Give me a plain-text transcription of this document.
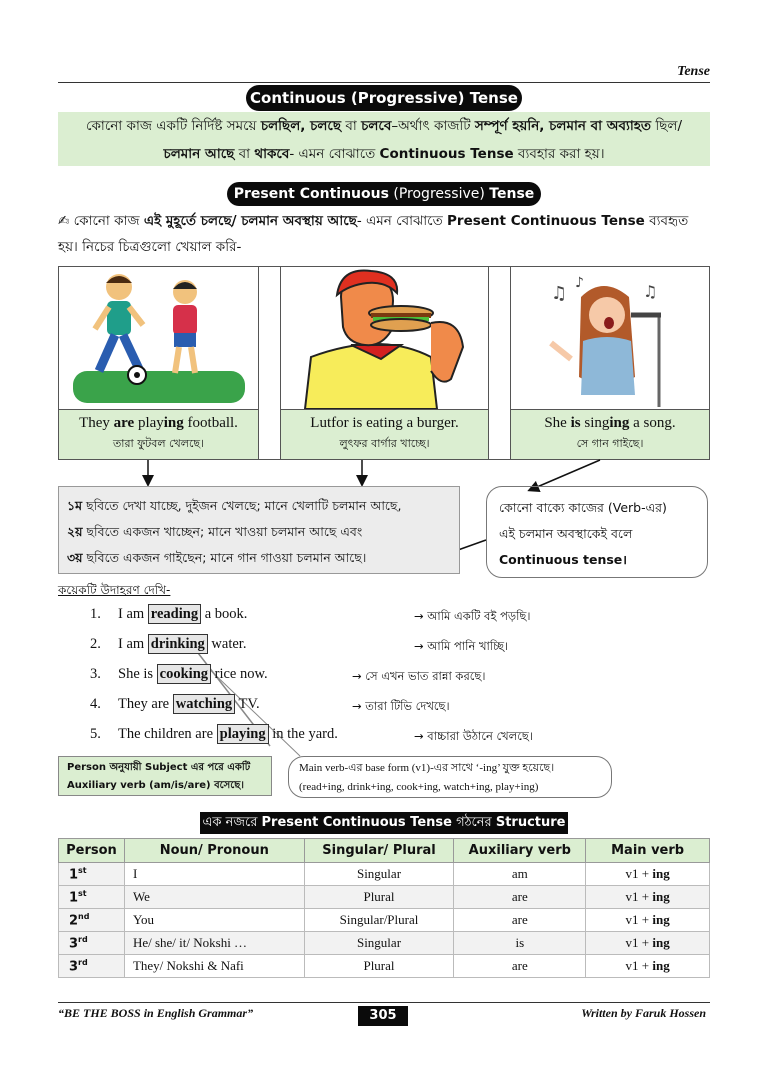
Tense
Continuous (Progressive) Tense
কোনো কাজ একটি নির্দিষ্ট সময়ে চলছিল, চলছে বা চলবে–অর্থাৎ কাজটি সম্পূর্ণ হয়নি, চলমান বা অব্যাহত ছিল/
চলমান আছে বা থাকবে- এমন বোঝাতে Continuous Tense ব্যবহার করা হয়।
Present Continuous (Progressive) Tense
✍ কোনো কাজ এই মুহূর্তে চলছে/ চলমান অবস্থায় আছে- এমন বোঝাতে Present Continuous Tense ব্যবহৃত
হয়। নিচের চিত্রগুলো খেয়াল করি-
They are playing football.
তারা ফুটবল খেলছে।
Lutfor is eating a burger.
লুৎফর বার্গার খাচ্ছে।
♫ ♪	♫
She is singing a song.
সে গান গাইছে।
১ম ছবিতে দেখা যাচ্ছে, দুইজন খেলছে; মানে খেলাটি চলমান আছে,
২য় ছবিতে একজন খাচ্ছেন; মানে খাওয়া চলমান আছে এবং
৩য় ছবিতে একজন গাইছেন; মানে গান গাওয়া চলমান আছে।
কোনো বাক্যে কাজের (Verb-এর)
এই চলমান অবস্থাকেই বলে
Continuous tense।
কয়েকটি উদাহরণ দেখি-
1.	I am reading a book.	→ আমি একটি বই পড়ছি।
2.	I am drinking water.	→ আমি পানি খাচ্ছি।
3.	She is cooking rice now.	→ সে এখন ভাত রান্না করছে।
4.	They are watching TV.	→ তারা টিভি দেখছে।
5.	The children are playing in the yard.	→ বাচ্চারা উঠানে খেলছে।
Person অনুযায়ী Subject এর পরে একটি
Auxiliary verb (am/is/are) বসেছে।
Main verb-এর base form (v1)-এর সাথে ‘-ing’ যুক্ত হয়েছে।
(read+ing, drink+ing, cook+ing, watch+ing, play+ing)
এক নজরে Present Continuous Tense গঠনের Structure
Person	Noun/ Pronoun	Singular/ Plural	Auxiliary verb	Main verb
1st	I	Singular	am	v1 + ing
1st	We	Plural	are	v1 + ing
2nd	You	Singular/Plural	are	v1 + ing
3rd	He/ she/ it/ Nokshi …	Singular	is	v1 + ing
3rd	They/ Nokshi & Nafi	Plural	are	v1 + ing
“BE THE BOSS in English Grammar”	305	Written by Faruk Hossen
